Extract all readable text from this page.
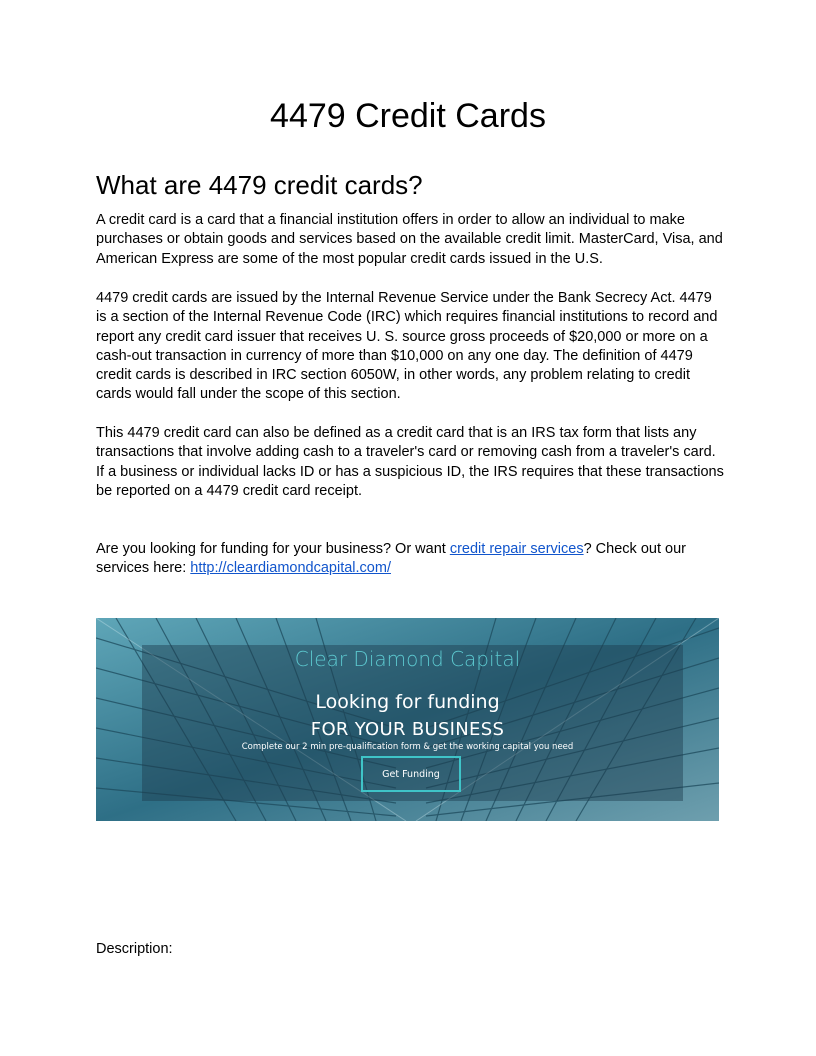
4479 Credit Cards
What are 4479 credit cards?

A credit card is a card that a financial institution offers in order to allow an individual to make purchases or obtain goods and services based on the available credit limit. MasterCard, Visa, and American Express are some of the most popular credit cards issued in the U.S.

4479 credit cards are issued by the Internal Revenue Service under the Bank Secrecy Act. 4479 is a section of the Internal Revenue Code (IRC) which requires financial institutions to record and report any credit card issuer that receives U. S. source gross proceeds of $20,000 or more on a cash-out transaction in currency of more than $10,000 on any one day. The definition of 4479 credit cards is described in IRC section 6050W, in other words, any problem relating to credit cards would fall under the scope of this section.

This 4479 credit card can also be defined as a credit card that is an IRS tax form that lists any transactions that involve adding cash to a traveler's card or removing cash from a traveler's card. If a business or individual lacks ID or has a suspicious ID, the IRS requires that these transactions be reported on a 4479 credit card receipt.

Are you looking for funding for your business? Or want credit repair services? Check out our services here: http://cleardiamondcapital.com/

Clear Diamond Capital
Looking for funding
FOR YOUR BUSINESS
Complete our 2 min pre-qualification form & get the working capital you need
Get Funding

Description:
